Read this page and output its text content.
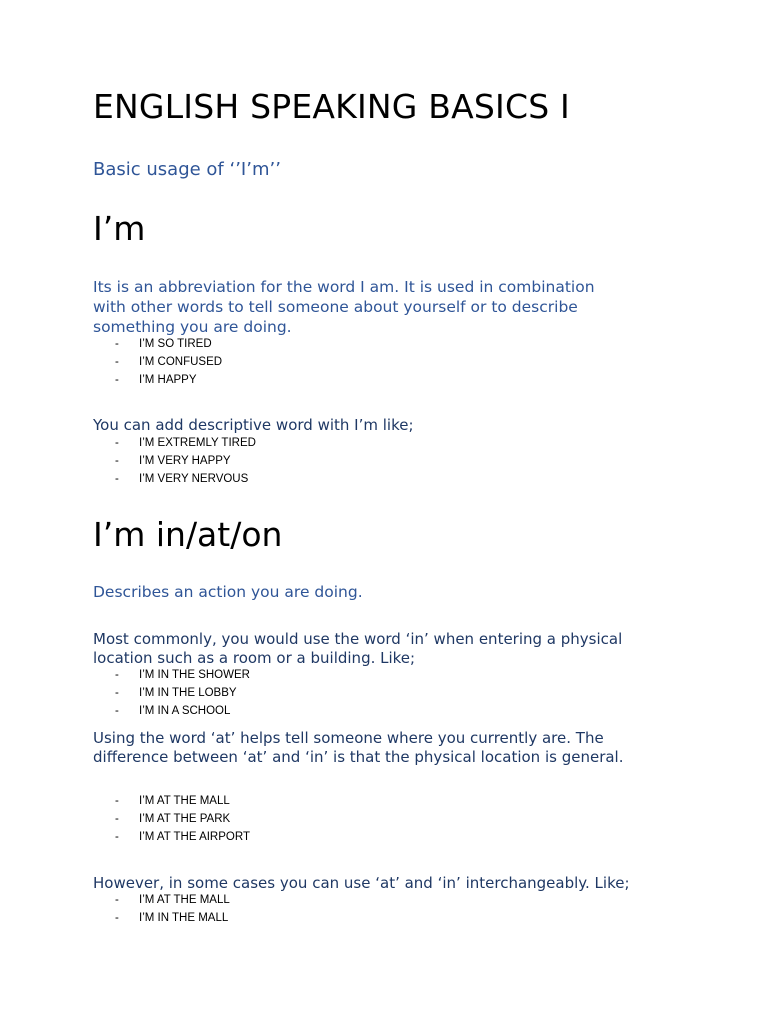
ENGLISH SPEAKING BASICS I
Basic usage of ‘’I’m’’
I’m
Its is an abbreviation for the word I am. It is used in combination
with other words to tell someone about yourself or to describe
something you are doing.
- I’M SO TIRED
- I’M CONFUSED
- I’M HAPPY
You can add descriptive word with I’m like;
- I’M EXTREMLY TIRED
- I’M VERY HAPPY
- I’M VERY NERVOUS
I’m in/at/on
Describes an action you are doing.
Most commonly, you would use the word ‘in’ when entering a physical
location such as a room or a building. Like;
- I’M IN THE SHOWER
- I’M IN THE LOBBY
- I’M IN A SCHOOL
Using the word ‘at’ helps tell someone where you currently are. The
difference between ‘at’ and ‘in’ is that the physical location is general.
- I’M AT THE MALL
- I’M AT THE PARK
- I’M AT THE AIRPORT
However, in some cases you can use ‘at’ and ‘in’ interchangeably. Like;
- I’M AT THE MALL
- I’M IN THE MALL
